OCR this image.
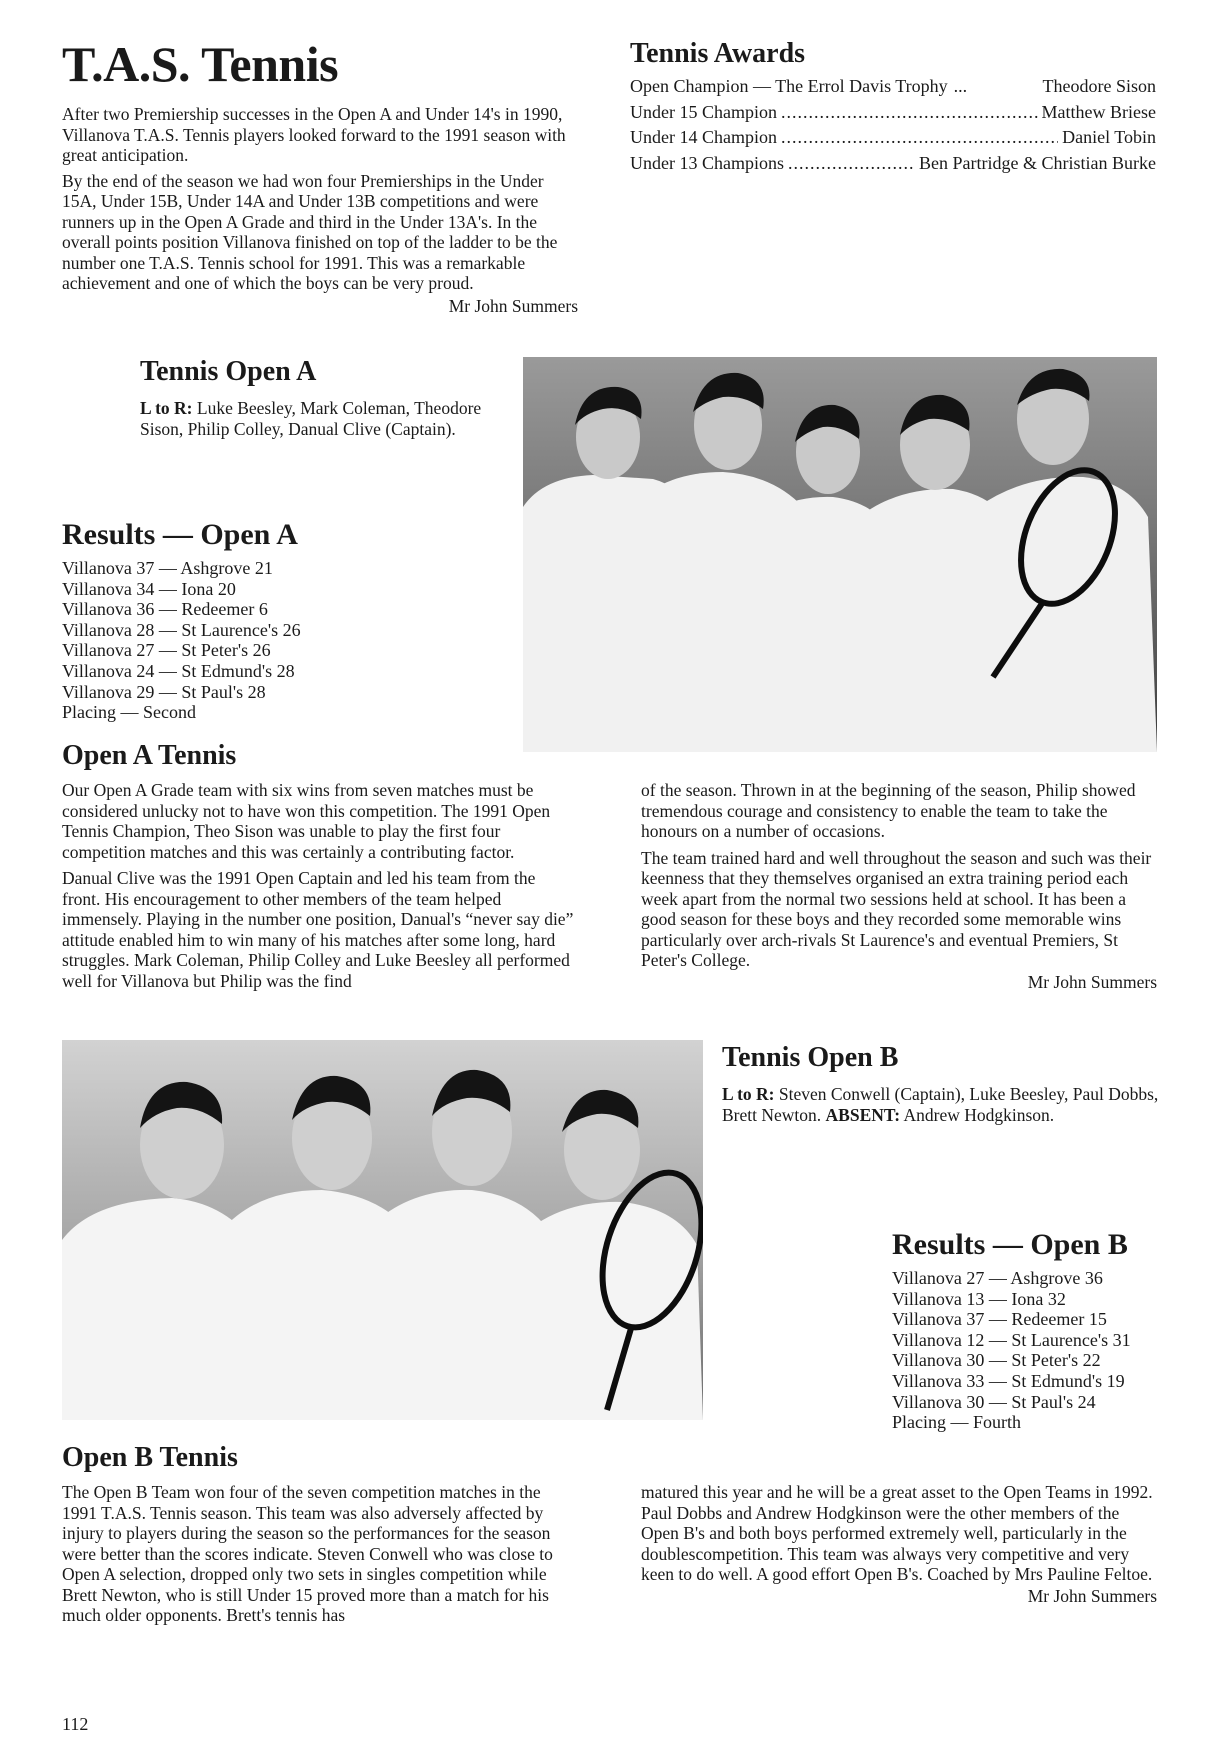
T.A.S. Tennis

After two Premiership successes in the Open A and Under 14's in 1990, Villanova T.A.S. Tennis players looked forward to the 1991 season with great anticipation.

By the end of the season we had won four Premierships in the Under 15A, Under 15B, Under 14A and Under 13B competitions and were runners up in the Open A Grade and third in the Under 13A's. In the overall points position Villanova finished on top of the ladder to be the number one T.A.S. Tennis school for 1991. This was a remarkable achievement and one of which the boys can be very proud.

Mr John Summers

Tennis Awards
Open Champion — The Errol Davis Trophy ...	Theodore Sison
Under 15 Champion .....	Matthew Briese
Under 14 Champion .....	Daniel Tobin
Under 13 Champions .....	Ben Partridge & Christian Burke
Tennis Open A
L to R: Luke Beesley, Mark Coleman, Theodore Sison, Philip Colley, Danual Clive (Captain).
Results — Open A
Villanova 37 — Ashgrove 21
Villanova 34 — Iona 20
Villanova 36 — Redeemer 6
Villanova 28 — St Laurence's 26
Villanova 27 — St Peter's 26
Villanova 24 — St Edmund's 28
Villanova 29 — St Paul's 28
Placing — Second
Open A Tennis

Our Open A Grade team with six wins from seven matches must be considered unlucky not to have won this competition. The 1991 Open Tennis Champion, Theo Sison was unable to play the first four competition matches and this was certainly a contributing factor.

Danual Clive was the 1991 Open Captain and led his team from the front. His encouragement to other members of the team helped immensely. Playing in the number one position, Danual's “never say die” attitude enabled him to win many of his matches after some long, hard struggles. Mark Coleman, Philip Colley and Luke Beesley all performed well for Villanova but Philip was the find

of the season. Thrown in at the beginning of the season, Philip showed tremendous courage and consistency to enable the team to take the honours on a number of occasions.

The team trained hard and well throughout the season and such was their keenness that they themselves organised an extra training period each week apart from the normal two sessions held at school. It has been a good season for these boys and they recorded some memorable wins particularly over arch-rivals St Laurence's and eventual Premiers, St Peter's College.

Mr John Summers

Tennis Open B
L to R: Steven Conwell (Captain), Luke Beesley, Paul Dobbs, Brett Newton. ABSENT: Andrew Hodgkinson.
Results — Open B
Villanova 27 — Ashgrove 36
Villanova 13 — Iona 32
Villanova 37 — Redeemer 15
Villanova 12 — St Laurence's 31
Villanova 30 — St Peter's 22
Villanova 33 — St Edmund's 19
Villanova 30 — St Paul's 24
Placing — Fourth
Open B Tennis

The Open B Team won four of the seven competition matches in the 1991 T.A.S. Tennis season. This team was also adversely affected by injury to players during the season so the performances for the season were better than the scores indicate. Steven Conwell who was close to Open A selection, dropped only two sets in singles competition while Brett Newton, who is still Under 15 proved more than a match for his much older opponents. Brett's tennis has

matured this year and he will be a great asset to the Open Teams in 1992. Paul Dobbs and Andrew Hodgkinson were the other members of the Open B's and both boys performed extremely well, particularly in the doublescompetition. This team was always very competitive and very keen to do well. A good effort Open B's. Coached by Mrs Pauline Feltoe.

Mr John Summers

112
